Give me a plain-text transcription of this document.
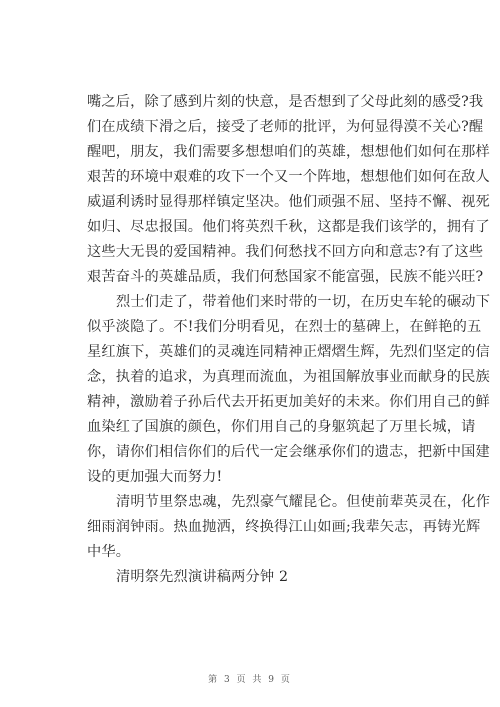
嘴之后，除了感到片刻的快意，是否想到了父母此刻的感受?我
们在成绩下滑之后，接受了老师的批评，为何显得漠不关心?醒
醒吧，朋友，我们需要多想想咱们的英雄，想想他们如何在那样
艰苦的环境中艰难的攻下一个又一个阵地，想想他们如何在敌人
威逼利诱时显得那样镇定坚决。他们顽强不屈、坚持不懈、视死
如归、尽忠报国。他们将英烈千秋，这都是我们该学的，拥有了
这些大无畏的爱国精神。我们何愁找不回方向和意志?有了这些
艰苦奋斗的英雄品质，我们何愁国家不能富强，民族不能兴旺?
烈士们走了，带着他们来时带的一切，在历史车轮的碾动下
似乎淡隐了。不!我们分明看见，在烈士的墓碑上，在鲜艳的五
星红旗下，英雄们的灵魂连同精神正熠熠生辉，先烈们坚定的信
念，执着的追求，为真理而流血，为祖国解放事业而献身的民族
精神，激励着子孙后代去开拓更加美好的未来。你们用自己的鲜
血染红了国旗的颜色，你们用自己的身躯筑起了万里长城，请
你，请你们相信你们的后代一定会继承你们的遗志，把新中国建
设的更加强大而努力!
清明节里祭忠魂，先烈豪气耀昆仑。但使前辈英灵在，化作
细雨润钟雨。热血抛洒，终换得江山如画;我辈矢志，再铸光辉
中华。
清明祭先烈演讲稿两分钟 2
第 3 页 共 9 页
